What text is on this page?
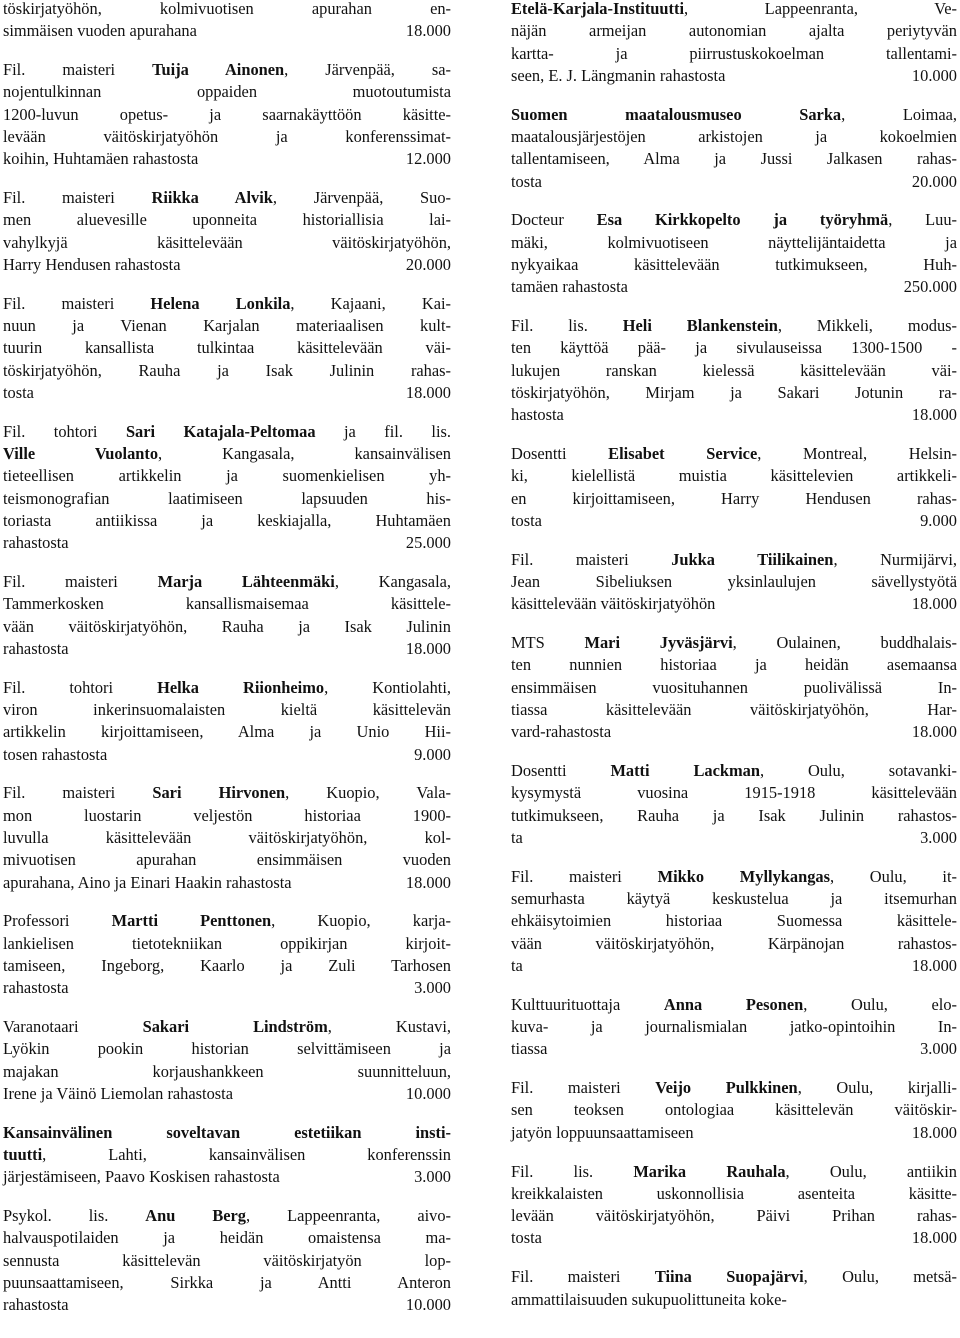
töskirjatyöhön, kolmivuotisen apurahan en-

simmäisen vuoden apurahana	18.000

Fil. maisteri Tuija Ainonen, Järvenpää, sa-

nojentulkinnan oppaiden muotoutumista

1200-luvun opetus- ja saarnakäyttöön käsitte-

levään väitöskirjatyöhön ja konferenssimat-

koihin, Huhtamäen rahastosta	12.000

Fil. maisteri Riikka Alvik, Järvenpää, Suo-

men aluevesille uponneita historiallisia lai-

vahylkyjä käsittelevään väitöskirjatyöhön,

Harry Hendusen rahastosta	20.000

Fil. maisteri Helena Lonkila, Kajaani, Kai-

nuun ja Vienan Karjalan materiaalisen kult-

tuurin kansallista tulkintaa käsittelevään väi-

töskirjatyöhön, Rauha ja Isak Julinin rahas-

tosta	18.000

Fil. tohtori Sari Katajala-Peltomaa ja fil. lis.

Ville Vuolanto, Kangasala, kansainvälisen

tieteellisen artikkelin ja suomenkielisen yh-

teismonografian laatimiseen lapsuuden his-

toriasta antiikissa ja keskiajalla, Huhtamäen

rahastosta	25.000

Fil. maisteri Marja Lähteenmäki, Kangasala,

Tammerkosken kansallismaisemaa käsittele-

vään väitöskirjatyöhön, Rauha ja Isak Julinin

rahastosta	18.000

Fil. tohtori Helka Riionheimo, Kontiolahti,

viron inkerinsuomalaisten kieltä käsittelevän

artikkelin kirjoittamiseen, Alma ja Unio Hii-

tosen rahastosta	9.000

Fil. maisteri Sari Hirvonen, Kuopio, Vala-

mon luostarin veljestön historiaa 1900-

luvulla käsittelevään väitöskirjatyöhön, kol-

mivuotisen apurahan ensimmäisen vuoden

apurahana, Aino ja Einari Haakin rahastosta	18.000

Professori Martti Penttonen, Kuopio, karja-

lankielisen tietotekniikan oppikirjan kirjoit-

tamiseen, Ingeborg, Kaarlo ja Zuli Tarhosen

rahastosta	3.000

Varanotaari Sakari Lindström, Kustavi,

Lyökin pookin historian selvittämiseen ja

majakan korjaushankkeen suunnitteluun,

Irene ja Väinö Liemolan rahastosta	10.000

Kansainvälinen soveltavan estetiikan insti-

tuutti, Lahti, kansainvälisen konferenssin

järjestämiseen, Paavo Koskisen rahastosta	3.000

Psykol. lis. Anu Berg, Lappeenranta, aivo-

halvauspotilaiden ja heidän omaistensa ma-

sennusta käsittelevän väitöskirjatyön lop-

puunsaattamiseen, Sirkka ja Antti Anteron

rahastosta	10.000

Etelä-Karjala-Instituutti, Lappeenranta, Ve-

näjän armeijan autonomian ajalta periytyvän

kartta- ja piirrustuskokoelman tallentami-

seen, E. J. Längmanin rahastosta	10.000

Suomen maatalousmuseo Sarka, Loimaa,

maatalousjärjestöjen arkistojen ja kokoelmien

tallentamiseen, Alma ja Jussi Jalkasen rahas-

tosta	20.000

Docteur Esa Kirkkopelto ja työryhmä, Luu-

mäki, kolmivuotiseen näyttelijäntaidetta ja

nykyaikaa käsittelevään tutkimukseen, Huh-

tamäen rahastosta	250.000

Fil. lis. Heli Blankenstein, Mikkeli, modus-

ten käyttöä pää- ja sivulauseissa 1300-1500 -

lukujen ranskan kielessä käsittelevään väi-

töskirjatyöhön, Mirjam ja Sakari Jotunin ra-

hastosta	18.000

Dosentti Elisabet Service, Montreal, Helsin-

ki, kielellistä muistia käsittelevien artikkeli-

en kirjoittamiseen, Harry Hendusen rahas-

tosta	9.000

Fil. maisteri Jukka Tiilikainen, Nurmijärvi,

Jean Sibeliuksen yksinlaulujen sävellystyötä

käsittelevään väitöskirjatyöhön	18.000

MTS Mari Jyväsjärvi, Oulainen, buddhalais-

ten nunnien historiaa ja heidän asemaansa

ensimmäisen vuosituhannen puolivälissä In-

tiassa käsittelevään väitöskirjatyöhön, Har-

vard-rahastosta	18.000

Dosentti Matti Lackman, Oulu, sotavanki-

kysymystä vuosina 1915-1918 käsittelevään

tutkimukseen, Rauha ja Isak Julinin rahastos-

ta	3.000

Fil. maisteri Mikko Myllykangas, Oulu, it-

semurhasta käytyä keskustelua ja itsemurhan

ehkäisytoimien historiaa Suomessa käsittele-

vään väitöskirjatyöhön, Kärpänojan rahastos-

ta	18.000

Kulttuurituottaja Anna Pesonen, Oulu, elo-

kuva- ja journalismialan jatko-opintoihin In-

tiassa	3.000

Fil. maisteri Veijo Pulkkinen, Oulu, kirjalli-

sen teoksen ontologiaa käsittelevän väitöskir-

jatyön loppuunsaattamiseen	18.000

Fil. lis. Marika Rauhala, Oulu, antiikin

kreikkalaisten uskonnollisia asenteita käsitte-

levään väitöskirjatyöhön, Päivi Prihan rahas-

tosta	18.000

Fil. maisteri Tiina Suopajärvi, Oulu, metsä-

ammattilaisuuden sukupuolittuneita koke-
